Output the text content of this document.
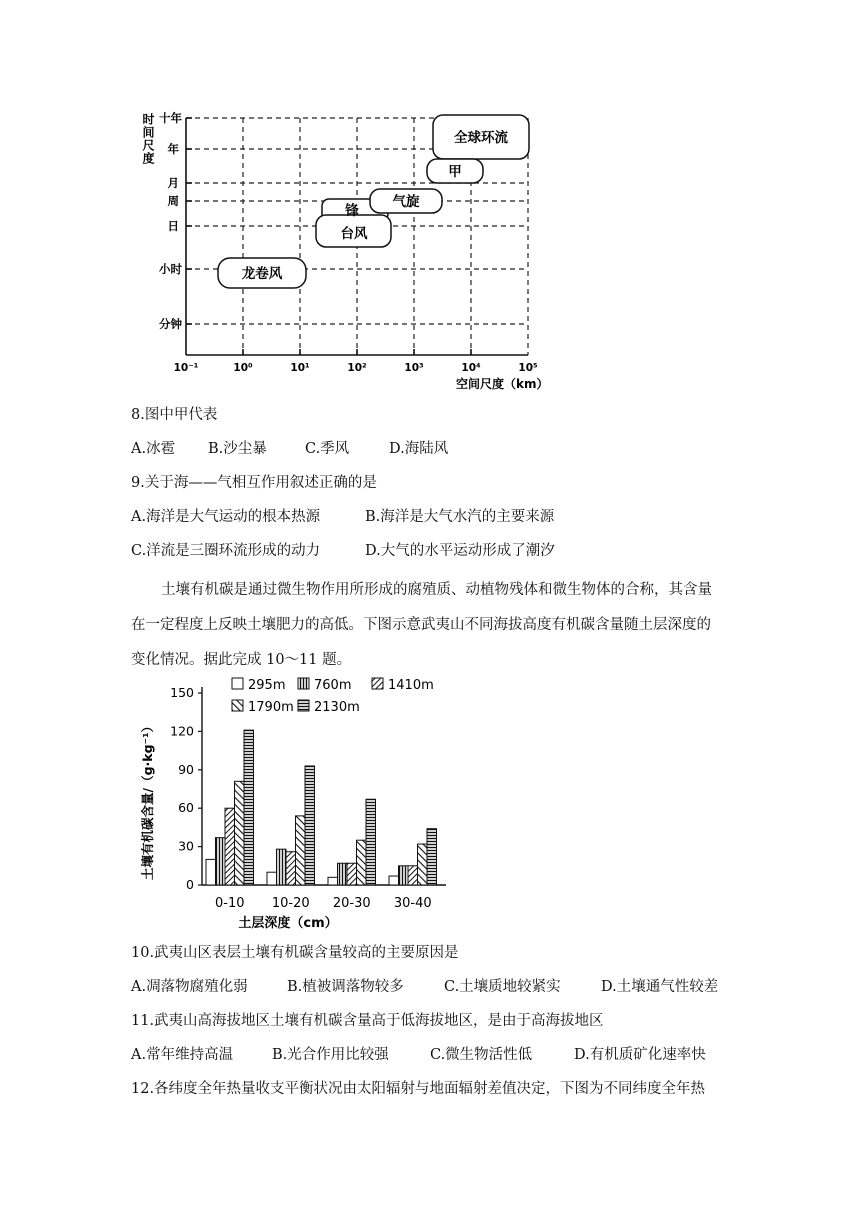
时间尺度 十年
年
月
周
日
小时
分钟
10⁻¹	10⁰	10¹	10²	10³	10⁴	10⁵
空间尺度（km）
全球环流
甲
气旋
锋
台风
龙卷风
8.图中甲代表
A.冰雹 B.沙尘暴	C.季风	D.海陆风
9.关于海——气相互作用叙述正确的是
A.海洋是大气运动的根本热源	B.海洋是大气水汽的主要来源
C.洋流是三圈环流形成的动力	D.大气的水平运动形成了潮汐

土壤有机碳是通过微生物作用所形成的腐殖质、动植物残体和微生物体的合称，其含量

在一定程度上反映土壤肥力的高低。下图示意武夷山不同海拔高度有机碳含量随土层深度的

变化情况。据此完成 10～11 题。

土壤有机碳含量/（g·kg⁻¹）
0
30
60
90
120
150
0-10 10-20 20-30 30-40
295m 760m	1410m
1790m 2130m
土层深度（cm）
10.武夷山区表层土壤有机碳含量较高的主要原因是
A.凋落物腐殖化弱	B.植被调落物较多	C.土壤质地较紧实	D.土壤通气性较差
11.武夷山高海拔地区土壤有机碳含量高于低海拔地区，是由于高海拔地区
A.常年维持高温	B.光合作用比较强	C.微生物活性低	D.有机质矿化速率快
12.各纬度全年热量收支平衡状况由太阳辐射与地面辐射差值决定，下图为不同纬度全年热
